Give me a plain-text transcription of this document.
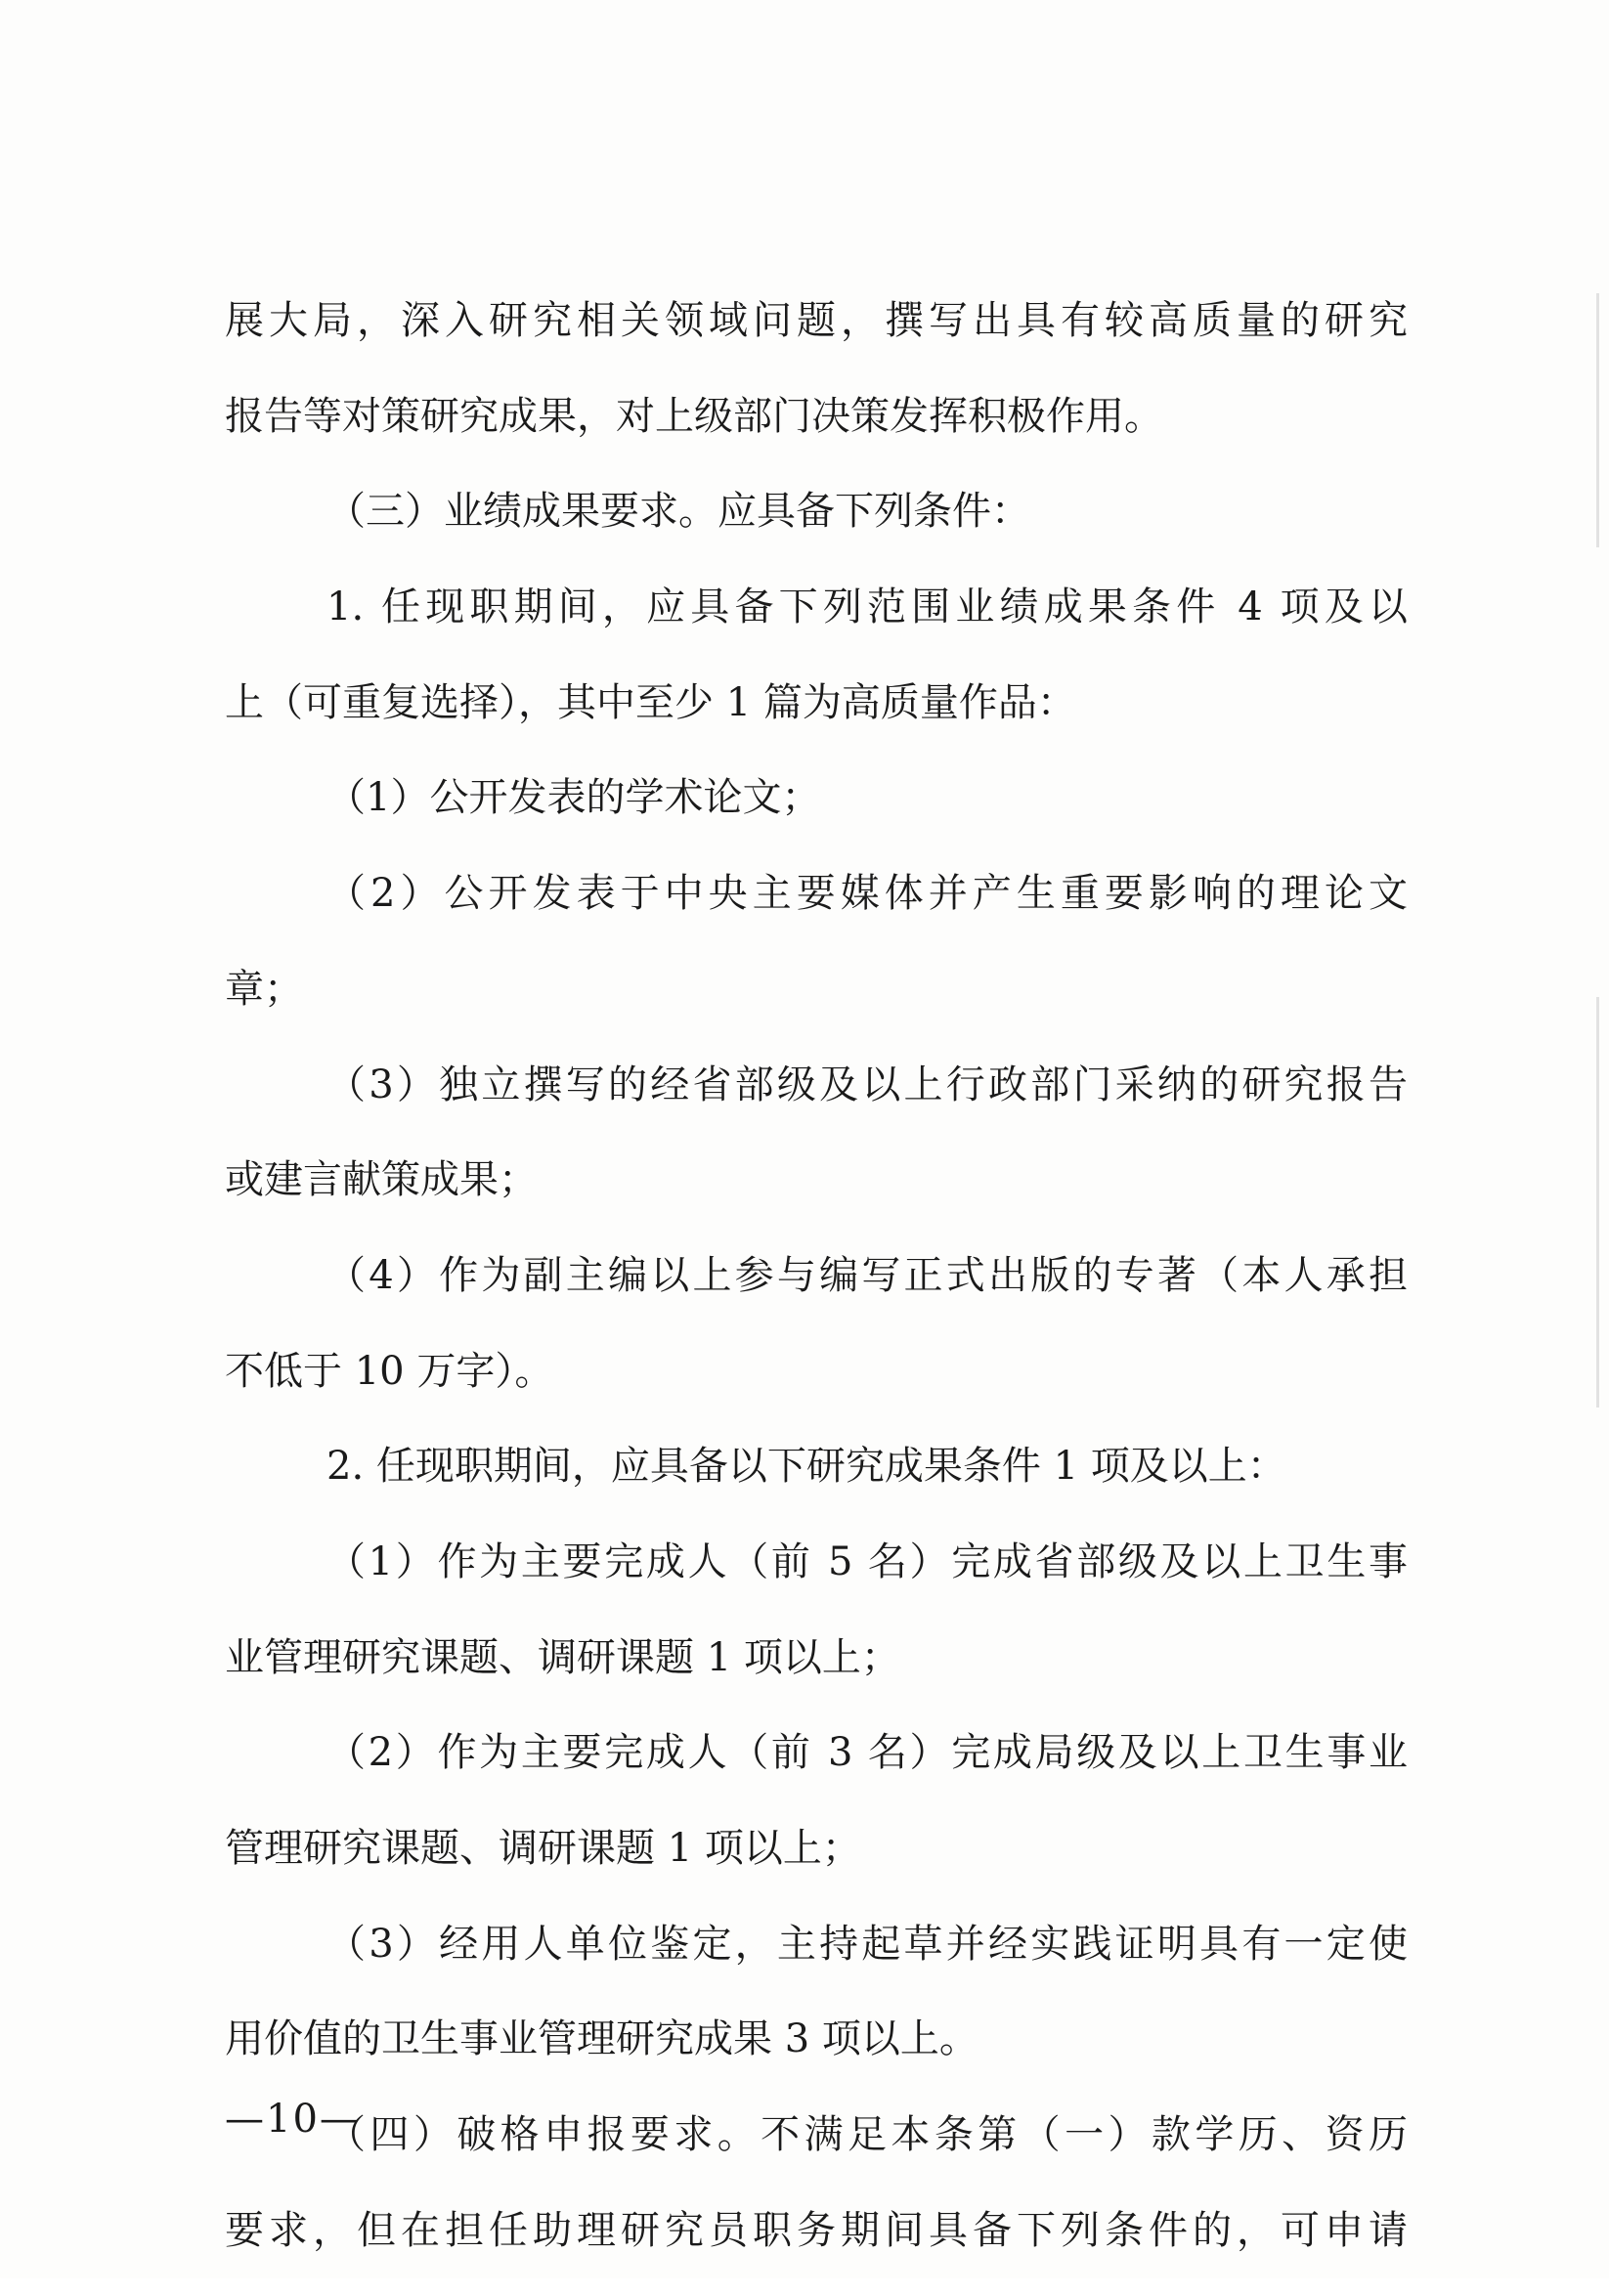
展大局，深入研究相关领域问题，撰写出具有较高质量的研究
报告等对策研究成果，对上级部门决策发挥积极作用。
（三）业绩成果要求。应具备下列条件：
1. 任现职期间，应具备下列范围业绩成果条件 4 项及以
上（可重复选择），其中至少 1 篇为高质量作品：
（1）公开发表的学术论文；
（2）公开发表于中央主要媒体并产生重要影响的理论文
章；
（3）独立撰写的经省部级及以上行政部门采纳的研究报告
或建言献策成果；
（4）作为副主编以上参与编写正式出版的专著（本人承担
不低于 10 万字）。
2. 任现职期间，应具备以下研究成果条件 1 项及以上：
（1）作为主要完成人（前 5 名）完成省部级及以上卫生事
业管理研究课题、调研课题 1 项以上；
（2）作为主要完成人（前 3 名）完成局级及以上卫生事业
管理研究课题、调研课题 1 项以上；
（3）经用人单位鉴定，主持起草并经实践证明具有一定使
用价值的卫生事业管理研究成果 3 项以上。
（四）破格申报要求。不满足本条第（一）款学历、资历
要求，但在担任助理研究员职务期间具备下列条件的，可申请
—10—
